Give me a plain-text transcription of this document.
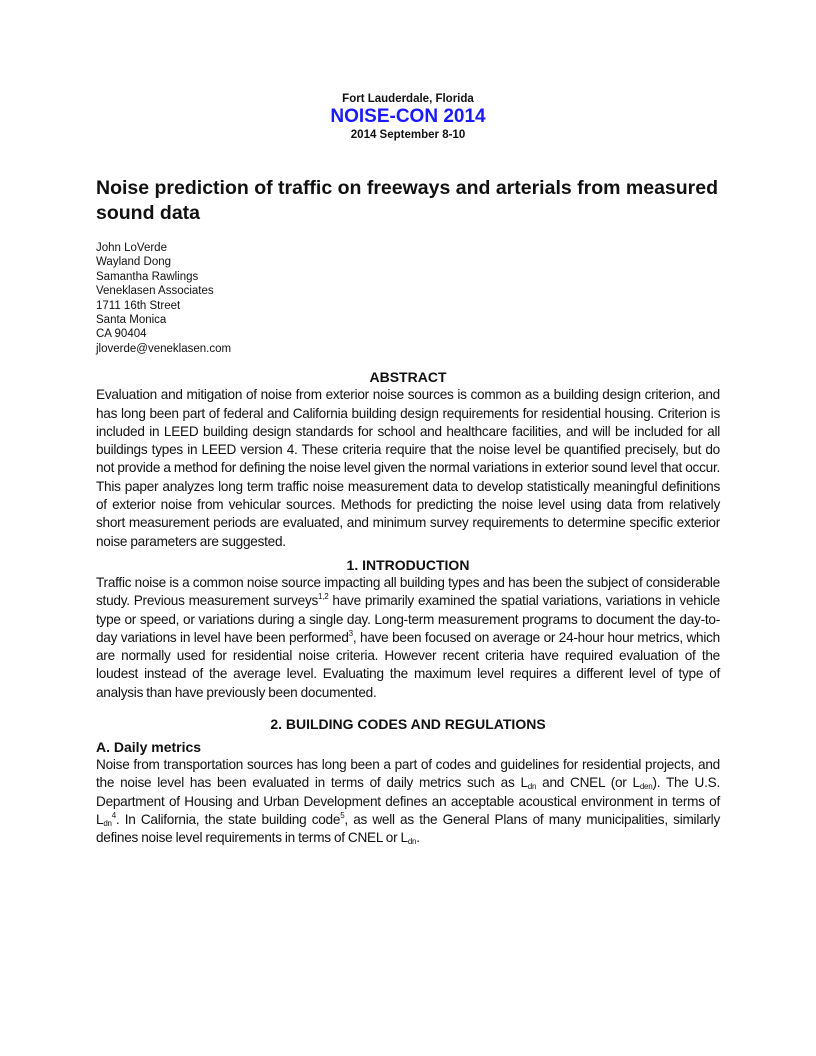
Fort Lauderdale, Florida
NOISE-CON 2014
2014 September 8-10
Noise prediction of traffic on freeways and arterials from measured sound data
John LoVerde
Wayland Dong
Samantha Rawlings
Veneklasen Associates
1711 16th Street
Santa Monica
CA 90404
jloverde@veneklasen.com
ABSTRACT
Evaluation and mitigation of noise from exterior noise sources is common as a building design criterion, and has long been part of federal and California building design requirements for residential housing. Criterion is included in LEED building design standards for school and healthcare facilities, and will be included for all buildings types in LEED version 4. These criteria require that the noise level be quantified precisely, but do not provide a method for defining the noise level given the normal variations in exterior sound level that occur. This paper analyzes long term traffic noise measurement data to develop statistically meaningful definitions of exterior noise from vehicular sources. Methods for predicting the noise level using data from relatively short measurement periods are evaluated, and minimum survey requirements to determine specific exterior noise parameters are suggested.
1. INTRODUCTION
Traffic noise is a common noise source impacting all building types and has been the subject of considerable study. Previous measurement surveys$^{1,2}$ have primarily examined the spatial variations, variations in vehicle type or speed, or variations during a single day. Long-term measurement programs to document the day-to-day variations in level have been performed$^3$, have been focused on average or 24-hour hour metrics, which are normally used for residential noise criteria. However recent criteria have required evaluation of the loudest instead of the average level. Evaluating the maximum level requires a different level of type of analysis than have previously been documented.
2. BUILDING CODES AND REGULATIONS
A. Daily metrics
Noise from transportation sources has long been a part of codes and guidelines for residential projects, and the noise level has been evaluated in terms of daily metrics such as $L_{dn}$ and CNEL (or $L_{den}$). The U.S. Department of Housing and Urban Development defines an acceptable acoustical environment in terms of $L_{dn}^4$. In California, the state building code$^5$, as well as the General Plans of many municipalities, similarly defines noise level requirements in terms of CNEL or $L_{dn}$.
